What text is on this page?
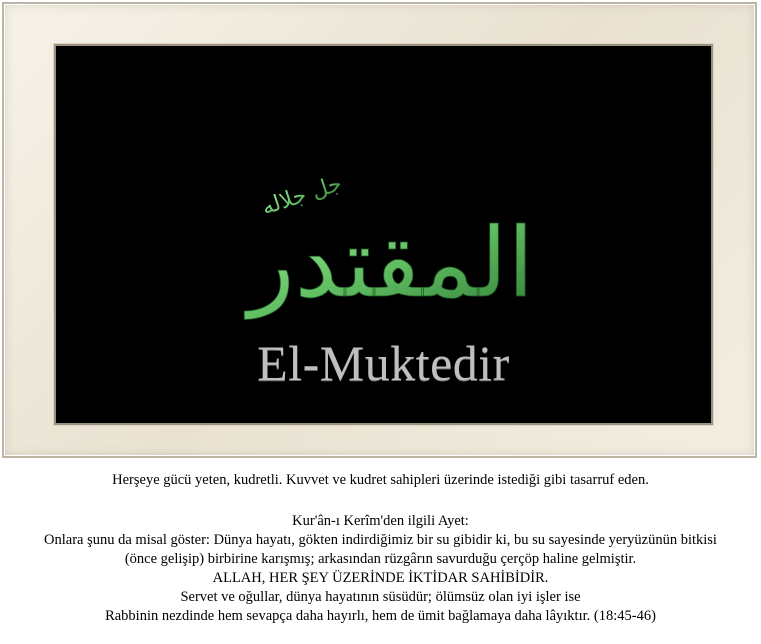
المقتدر
جل جلاله
El-Muktedir
Herşeye gücü yeten, kudretli. Kuvvet ve kudret sahipleri üzerinde istediği gibi tasarruf eden.
Kur'ân-ı Kerîm'den ilgili Ayet:
Onlara şunu da misal göster: Dünya hayatı, gökten indirdiğimiz bir su gibidir ki, bu su sayesinde yeryüzünün bitkisi
(önce gelişip) birbirine karışmış; arkasından rüzgârın savurduğu çerçöp haline gelmiştir.
ALLAH, HER ŞEY ÜZERİNDE İKTİDAR SAHİBİDİR.
Servet ve oğullar, dünya hayatının süsüdür; ölümsüz olan iyi işler ise
Rabbinin nezdinde hem sevapça daha hayırlı, hem de ümit bağlamaya daha lâyıktır. (18:45-46)
